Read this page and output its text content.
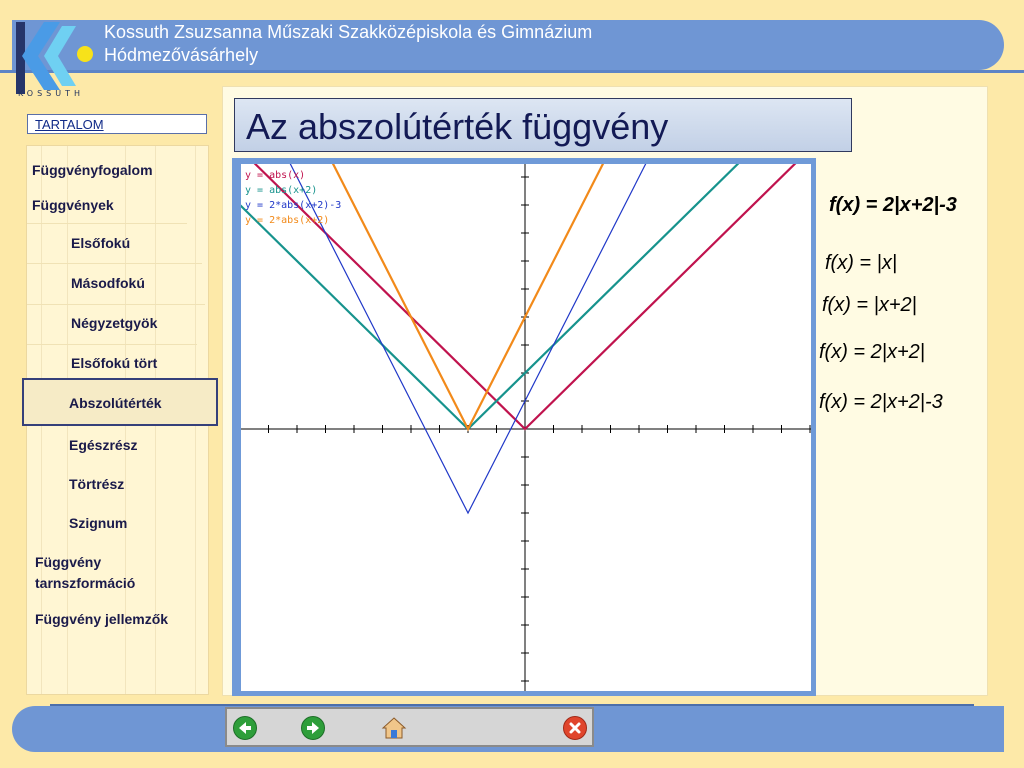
Kossuth Zsuzsanna Műszaki Szakközépiskola és Gimnázium
Hódmezővásárhely
KOSSUTH
TARTALOM
Függvényfogalom
Függvények
Elsőfokú
Másodfokú
Négyzetgyök
Elsőfokú tört
Abszolútérték
Egészrész
Törtrész
Szignum
Függvény tarnszformáció
Függvény jellemzők
Az abszolútérték függvény
y = abs(x)
y = abs(x+2)
y = 2*abs(x+2)-3
y = 2*abs(x+2)
f(x) = 2|x+2|-3
f(x) = |x|
f(x) = |x+2|
f(x) = 2|x+2|
f(x) = 2|x+2|-3
